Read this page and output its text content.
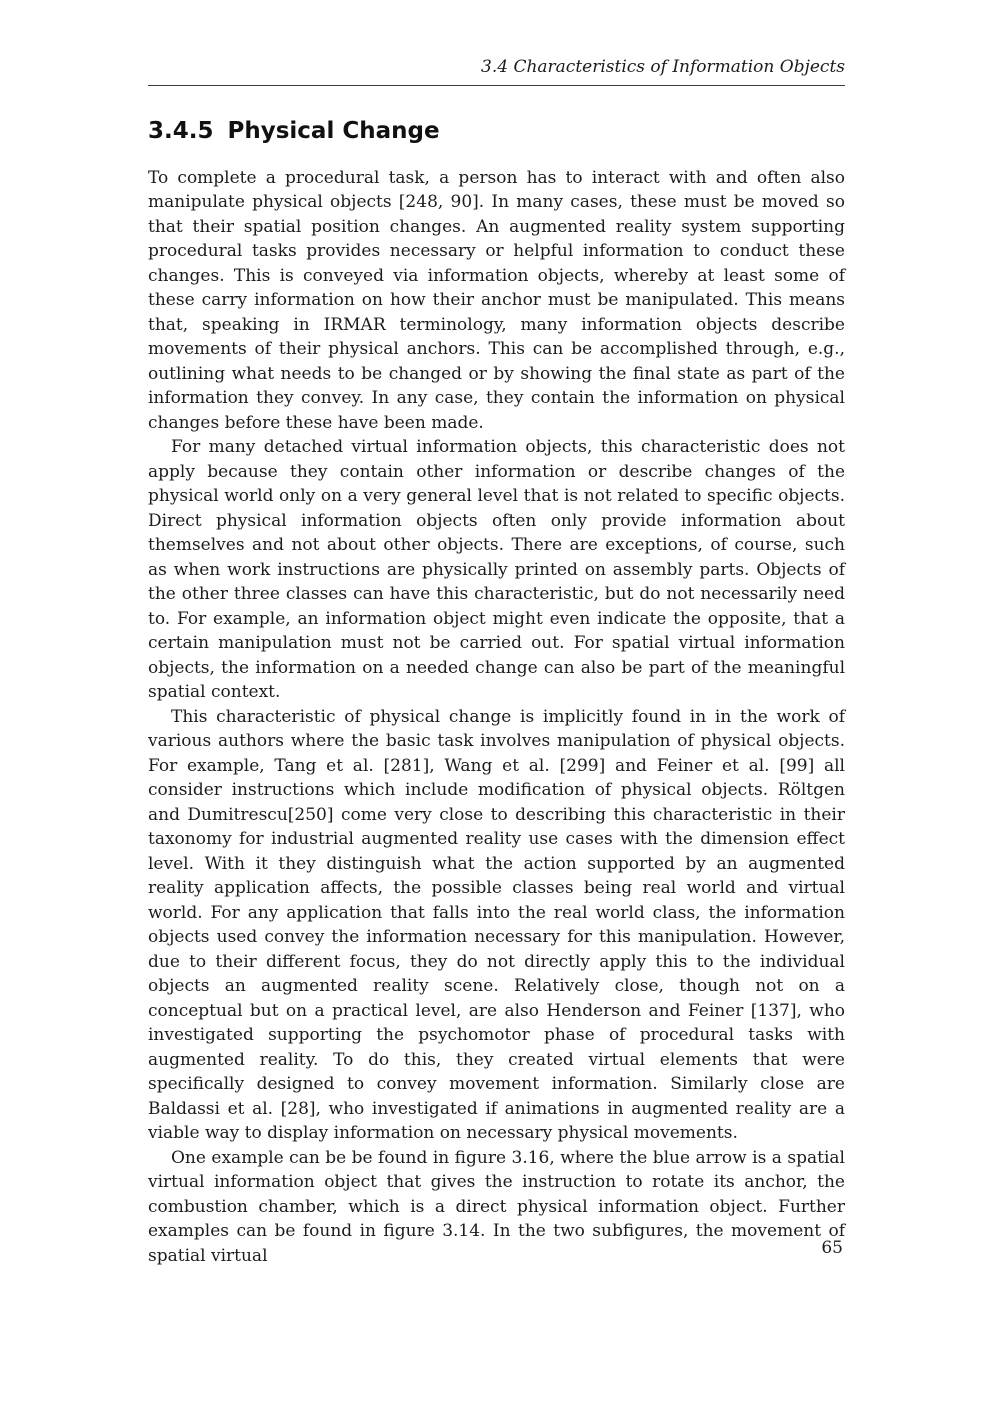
3.4 Characteristics of Information Objects
3.4.5 Physical Change

To complete a procedural task, a person has to interact with and often also manipulate physical objects [248, 90]. In many cases, these must be moved so that their spatial position changes. An augmented reality system supporting procedural tasks provides necessary or helpful information to conduct these changes. This is conveyed via information objects, whereby at least some of these carry information on how their anchor must be manipulated. This means that, speaking in IRMAR terminology, many information objects describe movements of their physical anchors. This can be accomplished through, e.g., outlining what needs to be changed or by showing the final state as part of the information they convey. In any case, they contain the information on physical changes before these have been made.

For many detached virtual information objects, this characteristic does not apply because they contain other information or describe changes of the physical world only on a very general level that is not related to specific objects. Direct physical information objects often only provide information about themselves and not about other objects. There are exceptions, of course, such as when work instructions are physically printed on assembly parts. Objects of the other three classes can have this characteristic, but do not necessarily need to. For example, an information object might even indicate the opposite, that a certain manipulation must not be carried out. For spatial virtual information objects, the information on a needed change can also be part of the meaningful spatial context.

This characteristic of physical change is implicitly found in in the work of various authors where the basic task involves manipulation of physical objects. For example, Tang et al. [281], Wang et al. [299] and Feiner et al. [99] all consider instructions which include modification of physical objects. Röltgen and Dumitrescu[250] come very close to describing this characteristic in their taxonomy for industrial augmented reality use cases with the dimension effect level. With it they distinguish what the action supported by an augmented reality application affects, the possible classes being real world and virtual world. For any application that falls into the real world class, the information objects used convey the information necessary for this manipulation. However, due to their different focus, they do not directly apply this to the individual objects an augmented reality scene. Relatively close, though not on a conceptual but on a practical level, are also Henderson and Feiner [137], who investigated supporting the psychomotor phase of procedural tasks with augmented reality. To do this, they created virtual elements that were specifically designed to convey movement information. Similarly close are Baldassi et al. [28], who investigated if animations in augmented reality are a viable way to display information on necessary physical movements.

One example can be be found in figure 3.16, where the blue arrow is a spatial virtual information object that gives the instruction to rotate its anchor, the combustion chamber, which is a direct physical information object. Further examples can be found in figure 3.14. In the two subfigures, the movement of spatial virtual	65
